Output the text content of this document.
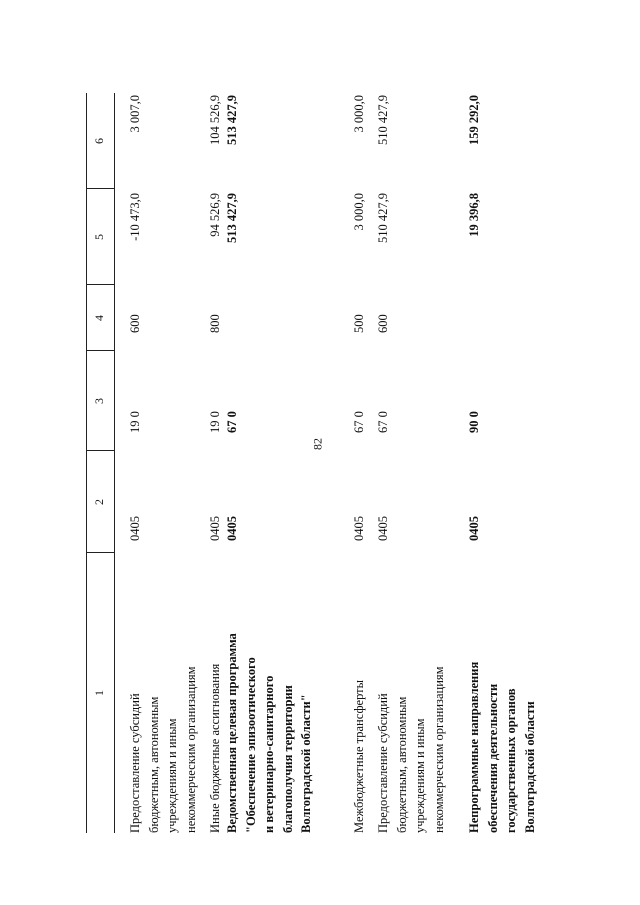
82
1
2
3
4
5
6
Предоставление субсидий бюджетным, автономным учреждениям и иным некоммерческим организациям
0405
19 0
600
-10 473,0
3 007,0
Иные бюджетные ассигнования
0405
19 0
800
94 526,9
104 526,9
Ведомственная целевая программа "Обеспечение эпизоотического и ветеринарно-санитарного благополучия территории Волгоградской области"
0405
67 0
513 427,9
513 427,9
Межбюджетные трансферты
0405
67 0
500
3 000,0
3 000,0
Предоставление субсидий бюджетным, автономным учреждениям и иным некоммерческим организациям
0405
67 0
600
510 427,9
510 427,9
Непрограммные направления обеспечения деятельности государственных органов Волгоградской области
0405
90 0
19 396,8
159 292,0
